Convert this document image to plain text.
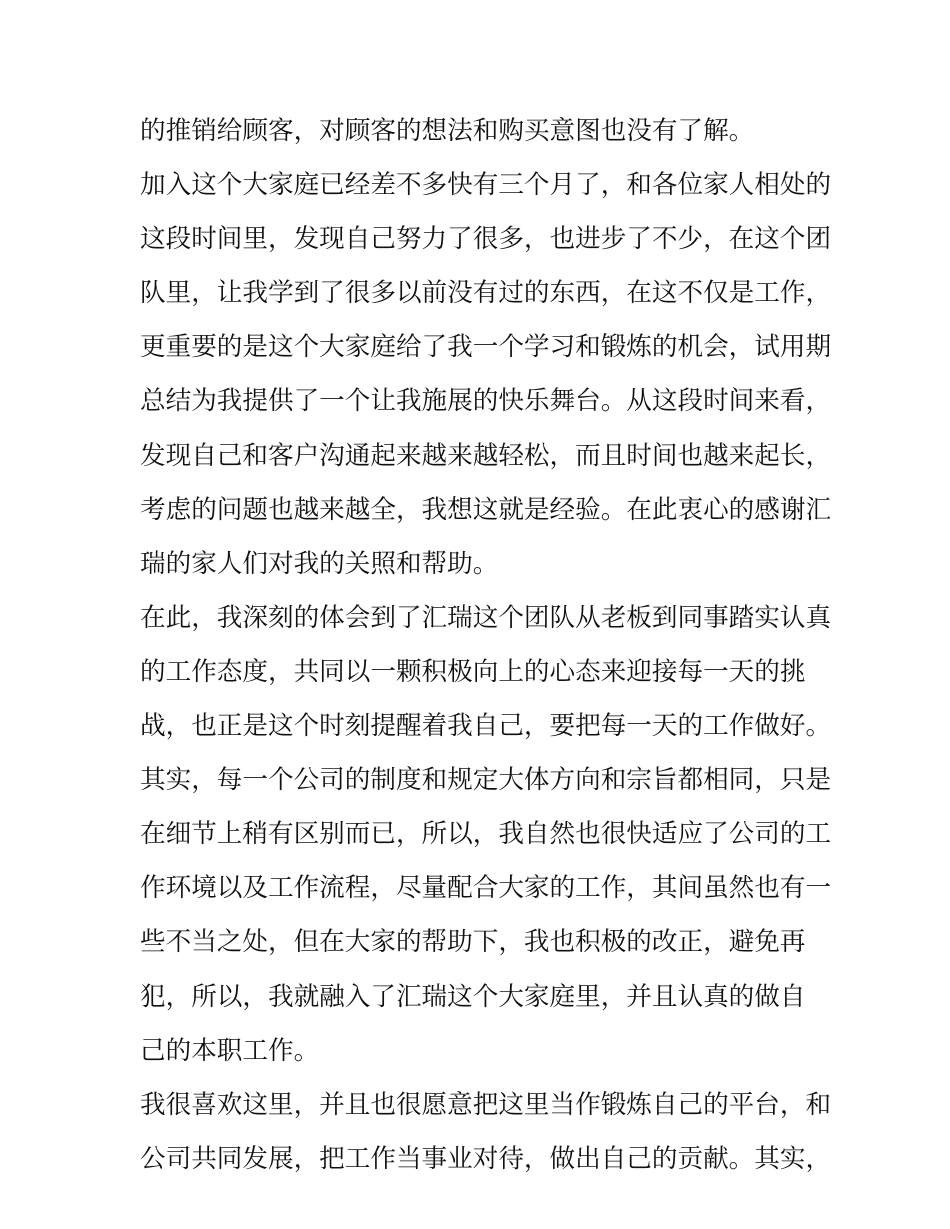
的推销给顾客，对顾客的想法和购买意图也没有了解。
加入这个大家庭已经差不多快有三个月了，和各位家人相处的
这段时间里，发现自己努力了很多，也进步了不少，在这个团
队里，让我学到了很多以前没有过的东西，在这不仅是工作，
更重要的是这个大家庭给了我一个学习和锻炼的机会，试用期
总结为我提供了一个让我施展的快乐舞台。从这段时间来看，
发现自己和客户沟通起来越来越轻松，而且时间也越来起长，
考虑的问题也越来越全，我想这就是经验。在此衷心的感谢汇
瑞的家人们对我的关照和帮助。
在此，我深刻的体会到了汇瑞这个团队从老板到同事踏实认真
的工作态度，共同以一颗积极向上的心态来迎接每一天的挑
战，也正是这个时刻提醒着我自己，要把每一天的工作做好。
其实，每一个公司的制度和规定大体方向和宗旨都相同，只是
在细节上稍有区别而已，所以，我自然也很快适应了公司的工
作环境以及工作流程，尽量配合大家的工作，其间虽然也有一
些不当之处，但在大家的帮助下，我也积极的改正，避免再
犯，所以，我就融入了汇瑞这个大家庭里，并且认真的做自
己的本职工作。
我很喜欢这里，并且也很愿意把这里当作锻炼自己的平台，和
公司共同发展，把工作当事业对待，做出自己的贡献。其实，
